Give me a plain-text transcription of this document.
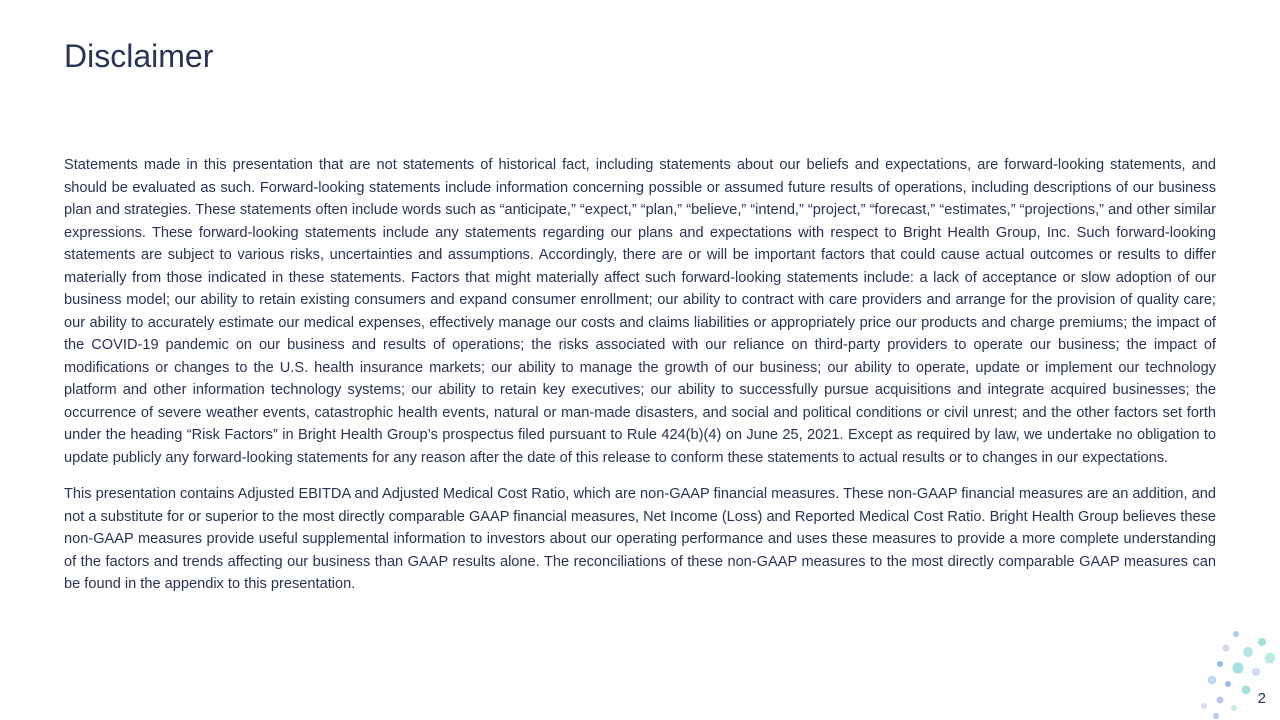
Disclaimer

Statements made in this presentation that are not statements of historical fact, including statements about our beliefs and expectations, are forward-looking statements, and should be evaluated as such. Forward-looking statements include information concerning possible or assumed future results of operations, including descriptions of our business plan and strategies. These statements often include words such as “anticipate,” “expect,” “plan,” “believe,” “intend,” “project,” “forecast,” “estimates,” “projections,” and other similar expressions. These forward-looking statements include any statements regarding our plans and expectations with respect to Bright Health Group, Inc. Such forward-looking statements are subject to various risks, uncertainties and assumptions. Accordingly, there are or will be important factors that could cause actual outcomes or results to differ materially from those indicated in these statements. Factors that might materially affect such forward-looking statements include: a lack of acceptance or slow adoption of our business model; our ability to retain existing consumers and expand consumer enrollment; our ability to contract with care providers and arrange for the provision of quality care; our ability to accurately estimate our medical expenses, effectively manage our costs and claims liabilities or appropriately price our products and charge premiums; the impact of the COVID-19 pandemic on our business and results of operations; the risks associated with our reliance on third-party providers to operate our business; the impact of modifications or changes to the U.S. health insurance markets; our ability to manage the growth of our business; our ability to operate, update or implement our technology platform and other information technology systems; our ability to retain key executives; our ability to successfully pursue acquisitions and integrate acquired businesses; the occurrence of severe weather events, catastrophic health events, natural or man-made disasters, and social and political conditions or civil unrest; and the other factors set forth under the heading “Risk Factors” in Bright Health Group’s prospectus filed pursuant to Rule 424(b)(4) on June 25, 2021. Except as required by law, we undertake no obligation to update publicly any forward-looking statements for any reason after the date of this release to conform these statements to actual results or to changes in our expectations.

This presentation contains Adjusted EBITDA and Adjusted Medical Cost Ratio, which are non-GAAP financial measures. These non-GAAP financial measures are an addition, and not a substitute for or superior to the most directly comparable GAAP financial measures, Net Income (Loss) and Reported Medical Cost Ratio. Bright Health Group believes these non-GAAP measures provide useful supplemental information to investors about our operating performance and uses these measures to provide a more complete understanding of the factors and trends affecting our business than GAAP results alone. The reconciliations of these non-GAAP measures to the most directly comparable GAAP measures can be found in the appendix to this presentation.

2
